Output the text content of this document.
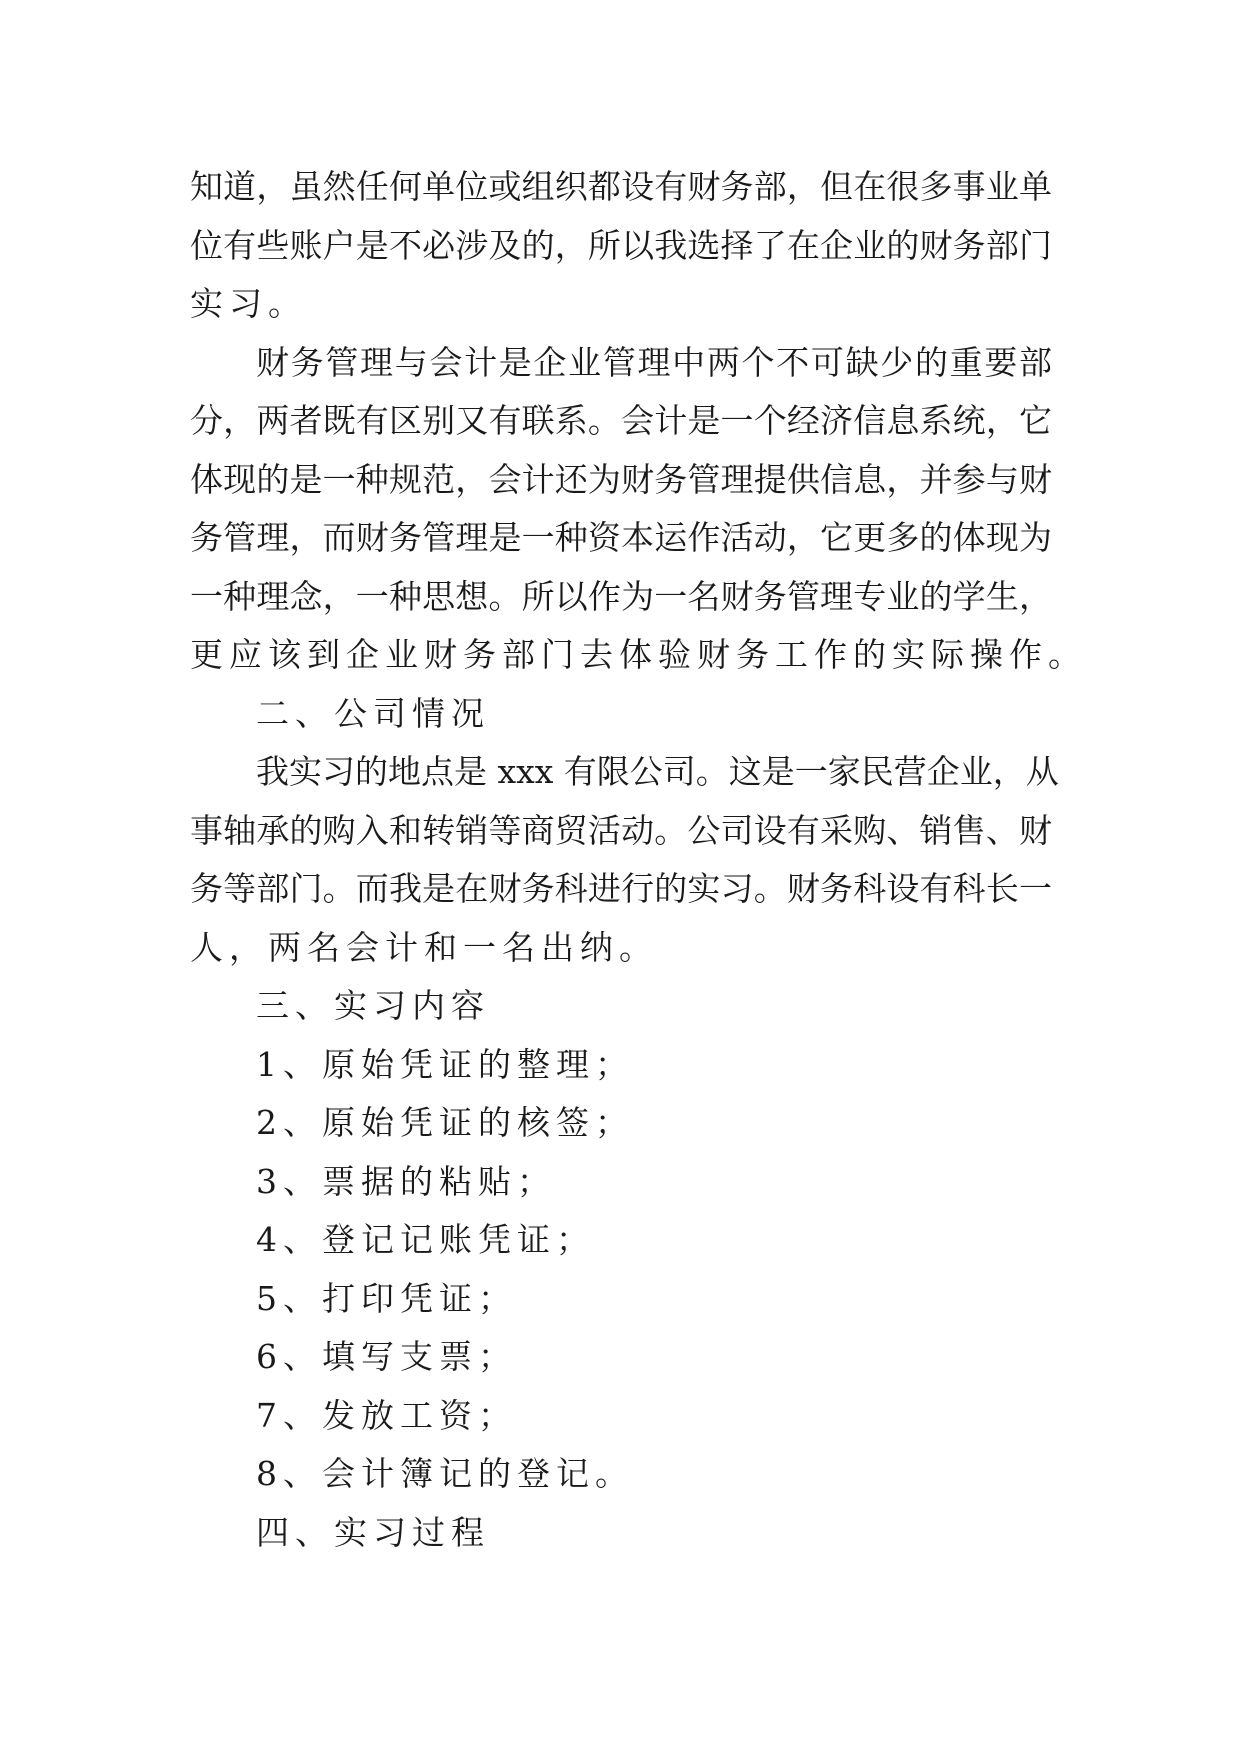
知道，虽然任何单位或组织都设有财务部，但在很多事业单
位有些账户是不必涉及的，所以我选择了在企业的财务部门
实习。
财务管理与会计是企业管理中两个不可缺少的重要部
分，两者既有区别又有联系。会计是一个经济信息系统，它
体现的是一种规范，会计还为财务管理提供信息，并参与财
务管理，而财务管理是一种资本运作活动，它更多的体现为
一种理念，一种思想。所以作为一名财务管理专业的学生，
更应该到企业财务部门去体验财务工作的实际操作。
二、公司情况
我实习的地点是 xxx 有限公司。这是一家民营企业，从
事轴承的购入和转销等商贸活动。公司设有采购、销售、财
务等部门。而我是在财务科进行的实习。财务科设有科长一
人，两名会计和一名出纳。
三、实习内容
1、原始凭证的整理；
2、原始凭证的核签；
3、票据的粘贴；
4、登记记账凭证；
5、打印凭证；
6、填写支票；
7、发放工资；
8、会计簿记的登记。
四、实习过程
